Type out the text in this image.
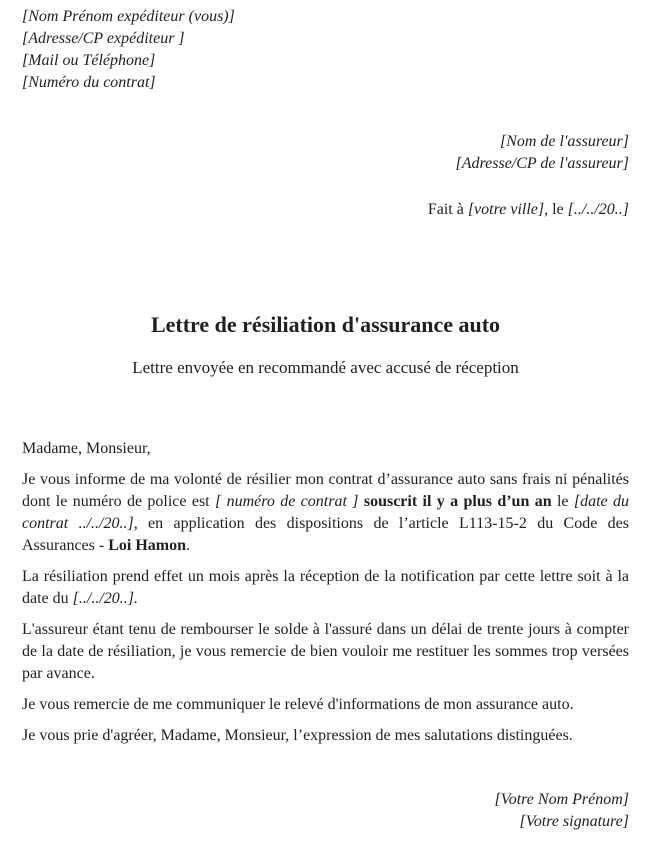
[Nom Prénom expéditeur (vous)]
[Adresse/CP expéditeur ]
[Mail ou Téléphone]
[Numéro du contrat]
[Nom de l'assureur]
[Adresse/CP de l'assureur]
Fait à [votre ville], le [../../20..]
Lettre de résiliation d'assurance auto
Lettre envoyée en recommandé avec accusé de réception

Madame, Monsieur,

Je vous informe de ma volonté de résilier mon contrat d’assurance auto sans frais ni pénalités dont le numéro de police est [ numéro de contrat ] souscrit il y a plus d’un an le [date du contrat ../../20..], en application des dispositions de l’article L113-15-2 du Code des Assurances - Loi Hamon.

La résiliation prend effet un mois après la réception de la notification par cette lettre soit à la date du [../../20..].

L'assureur étant tenu de rembourser le solde à l'assuré dans un délai de trente jours à compter de la date de résiliation, je vous remercie de bien vouloir me restituer les sommes trop versées par avance.

Je vous remercie de me communiquer le relevé d'informations de mon assurance auto.

Je vous prie d'agréer, Madame, Monsieur, l’expression de mes salutations distinguées.

[Votre Nom Prénom]
[Votre signature]
